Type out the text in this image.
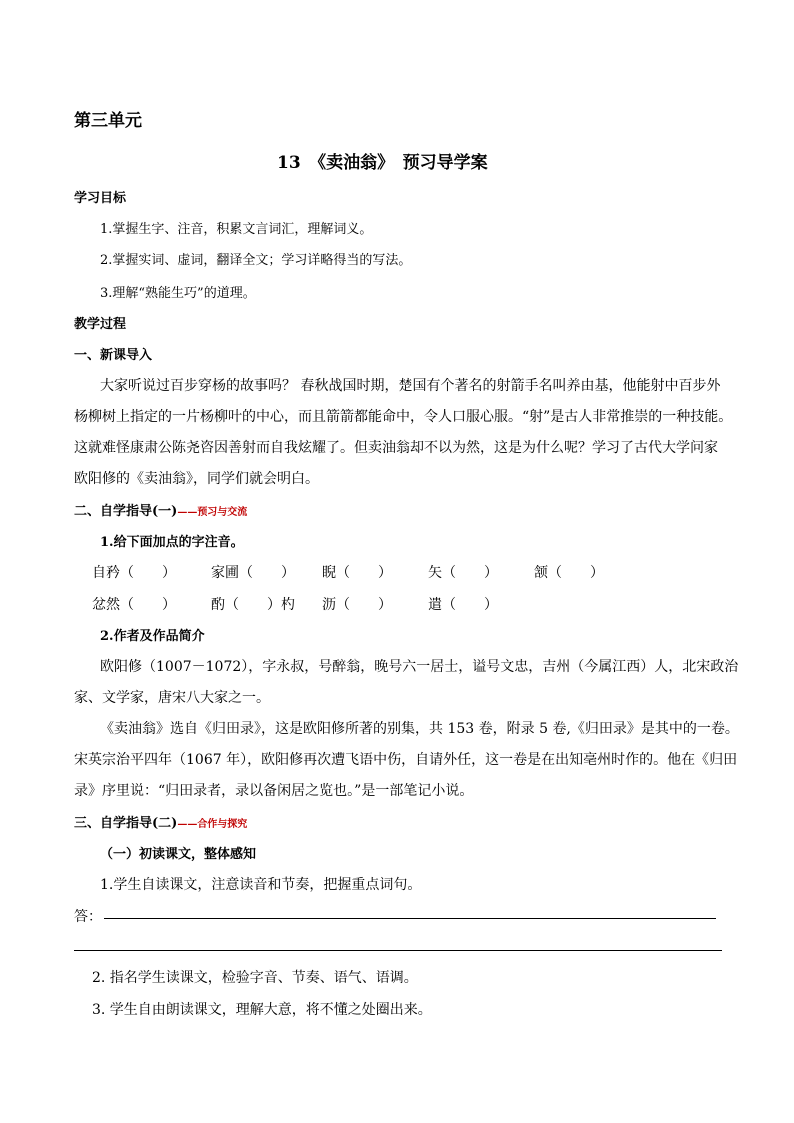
第三单元
13　《卖油翁》　预习导学案
学习目标
1.掌握生字、注音，积累文言词汇，理解词义。
2.掌握实词、虚词，翻译全文；学习详略得当的写法。
3.理解“熟能生巧”的道理。
教学过程
一、新课导入
大家听说过百步穿杨的故事吗？ 春秋战国时期，楚国有个著名的射箭手名叫养由基，他能射中百步外
杨柳树上指定的一片杨柳叶的中心，而且箭箭都能命中，令人口服心服。“射”是古人非常推崇的一种技能。
这就难怪康肃公陈尧咨因善射而自我炫耀了。但卖油翁却不以为然，这是为什么呢？学习了古代大学问家
欧阳修的《卖油翁》，同学们就会明白。
二、自学指导(一)——预习与交流
1.给下面加点的字注音。
自矜（　　）	家圃（　　） 睨（　　）	矢（　　）	颔（　　）
忿然（　　）	酌（　　）杓 沥（　　）	遣（　　）
2.作者及作品简介
欧阳修（1007－1072），字永叔，号醉翁，晚号六一居士，谥号文忠，吉州（今属江西）人，北宋政治
家、文学家，唐宋八大家之一。
《卖油翁》选自《归田录》，这是欧阳修所著的别集，共 153 卷，附录 5 卷,《归田录》是其中的一卷。
宋英宗治平四年（1067 年），欧阳修再次遭飞语中伤，自请外任，这一卷是在出知亳州时作的。他在《归田
录》序里说：“归田录者，录以备闲居之览也。”是一部笔记小说。
三、自学指导(二)——合作与探究
（一）初读课文，整体感知
1.学生自读课文，注意读音和节奏，把握重点词句。
答：
2. 指名学生读课文，检验字音、节奏、语气、语调。
3. 学生自由朗读课文，理解大意，将不懂之处圈出来。
